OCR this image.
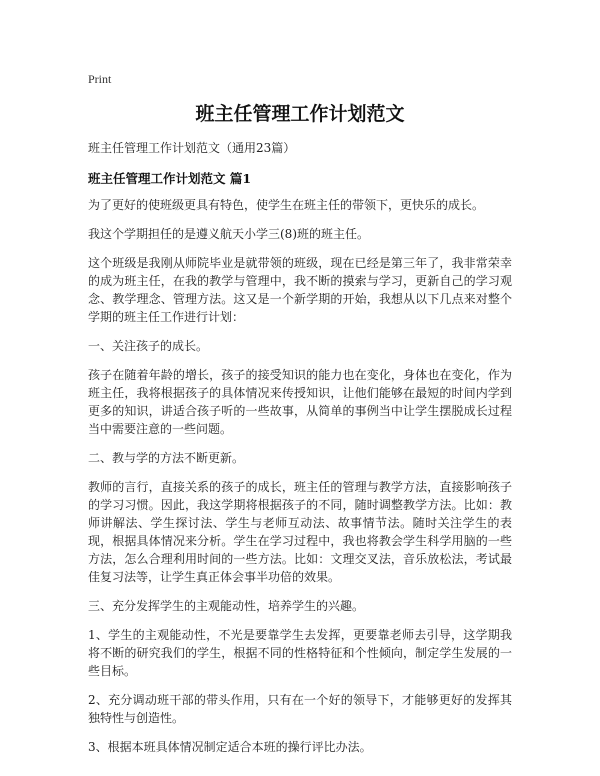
Print
班主任管理工作计划范文

班主任管理工作计划范文（通用23篇）

班主任管理工作计划范文 篇1

为了更好的使班级更具有特色，使学生在班主任的带领下，更快乐的成长。

我这个学期担任的是遵义航天小学三(8)班的班主任。

这个班级是我刚从师院毕业是就带领的班级，现在已经是第三年了，我非常荣幸的成为班主任，在我的教学与管理中，我不断的摸索与学习，更新自己的学习观念、教学理念、管理方法。这又是一个新学期的开始，我想从以下几点来对整个学期的班主任工作进行计划：

一、关注孩子的成长。

孩子在随着年龄的增长，孩子的接受知识的能力也在变化，身体也在变化，作为班主任，我将根据孩子的具体情况来传授知识，让他们能够在最短的时间内学到更多的知识，讲适合孩子听的一些故事，从简单的事例当中让学生摆脱成长过程当中需要注意的一些问题。

二、教与学的方法不断更新。

教师的言行，直接关系的孩子的成长，班主任的管理与教学方法，直接影响孩子的学习习惯。因此，我这学期将根据孩子的不同，随时调整教学方法。比如：教师讲解法、学生探讨法、学生与老师互动法、故事情节法。随时关注学生的表现，根据具体情况来分析。学生在学习过程中，我也将教会学生科学用脑的一些方法，怎么合理利用时间的一些方法。比如：文理交叉法，音乐放松法，考试最佳复习法等，让学生真正体会事半功倍的效果。

三、充分发挥学生的主观能动性，培养学生的兴趣。

1、学生的主观能动性，不光是要靠学生去发挥，更要靠老师去引导，这学期我将不断的研究我们的学生，根据不同的性格特征和个性倾向，制定学生发展的一些目标。

2、充分调动班干部的带头作用，只有在一个好的领导下，才能够更好的发挥其独特性与创造性。

3、根据本班具体情况制定适合本班的操行评比办法。
